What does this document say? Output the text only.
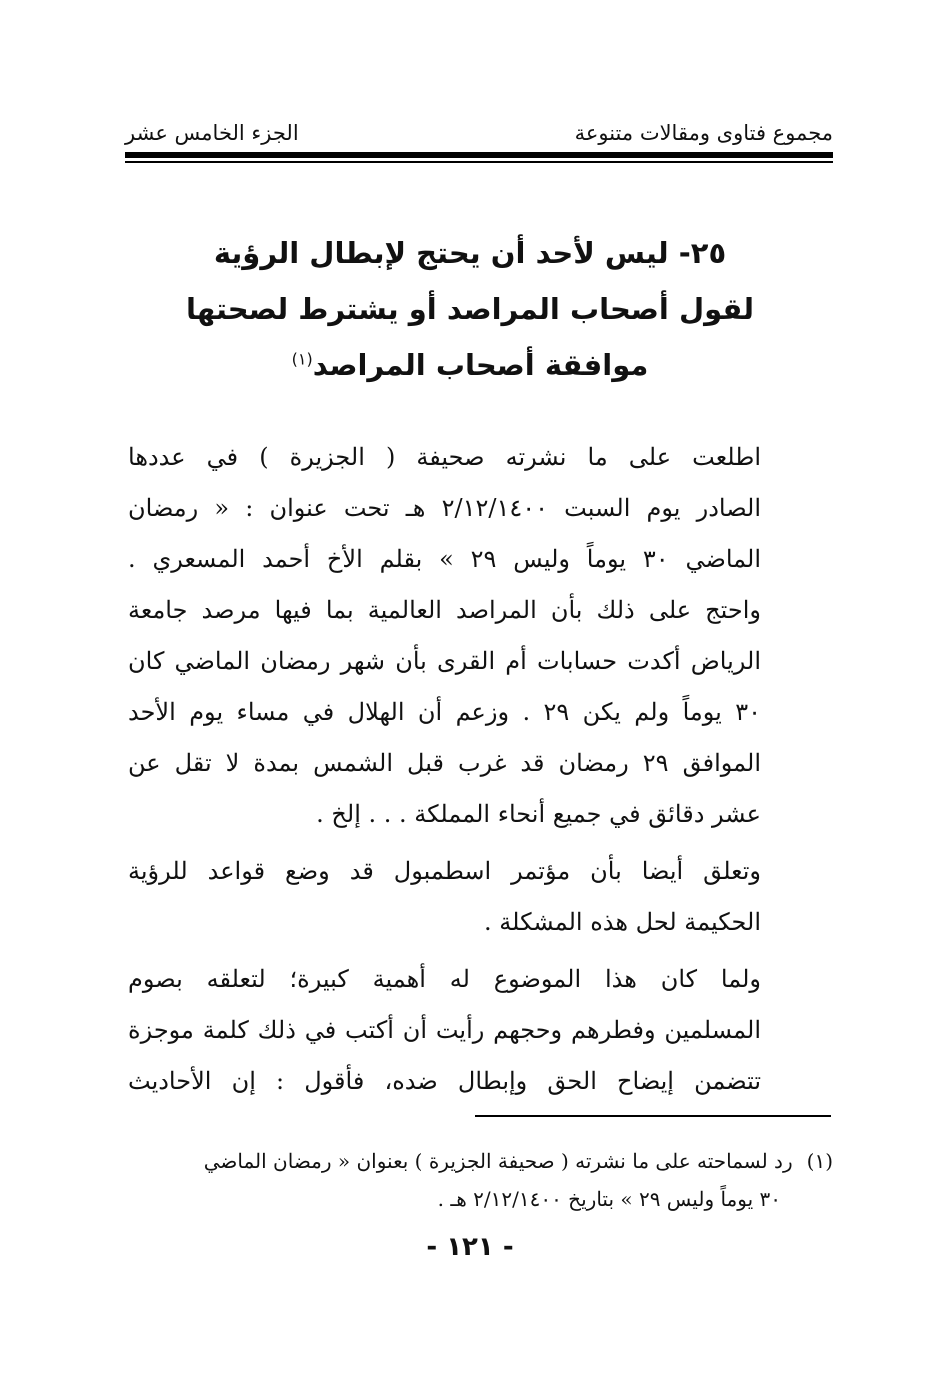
مجموع فتاوى ومقالات متنوعة
الجزء الخامس عشر
٢٥- ليس لأحد أن يحتج لإبطال الرؤية
لقول أصحاب المراصد أو يشترط لصحتها
موافقة أصحاب المراصد$^{(١)}$

اطلعت على ما نشرته صحيفة ( الجزيرة ) في عددها
الصادر يوم السبت ٢/١٢/١٤٠٠ هـ تحت عنوان : « رمضان
الماضي ٣٠ يوماً وليس ٢٩ » بقلم الأخ أحمد المسعري .
واحتج على ذلك بأن المراصد العالمية بما فيها مرصد جامعة
الرياض أكدت حسابات أم القرى بأن شهر رمضان الماضي كان
٣٠ يوماً ولم يكن ٢٩ . وزعم أن الهلال في مساء يوم الأحد
الموافق ٢٩ رمضان قد غرب قبل الشمس بمدة لا تقل عن
عشر دقائق في جميع أنحاء المملكة . . . إلخ .

وتعلق أيضا بأن مؤتمر اسطمبول قد وضع قواعد للرؤية
الحكيمة لحل هذه المشكلة .

ولما كان هذا الموضوع له أهمية كبيرة؛ لتعلقه بصوم
المسلمين وفطرهم وحجهم رأيت أن أكتب في ذلك كلمة موجزة
تتضمن إيضاح الحق وإبطال ضده، فأقول : إن الأحاديث

(١)رد لسماحته على ما نشرته ( صحيفة الجزيرة ) بعنوان « رمضان الماضي
٣٠ يوماً وليس ٢٩ » بتاريخ ٢/١٢/١٤٠٠ هـ .
- ١٢١ -
